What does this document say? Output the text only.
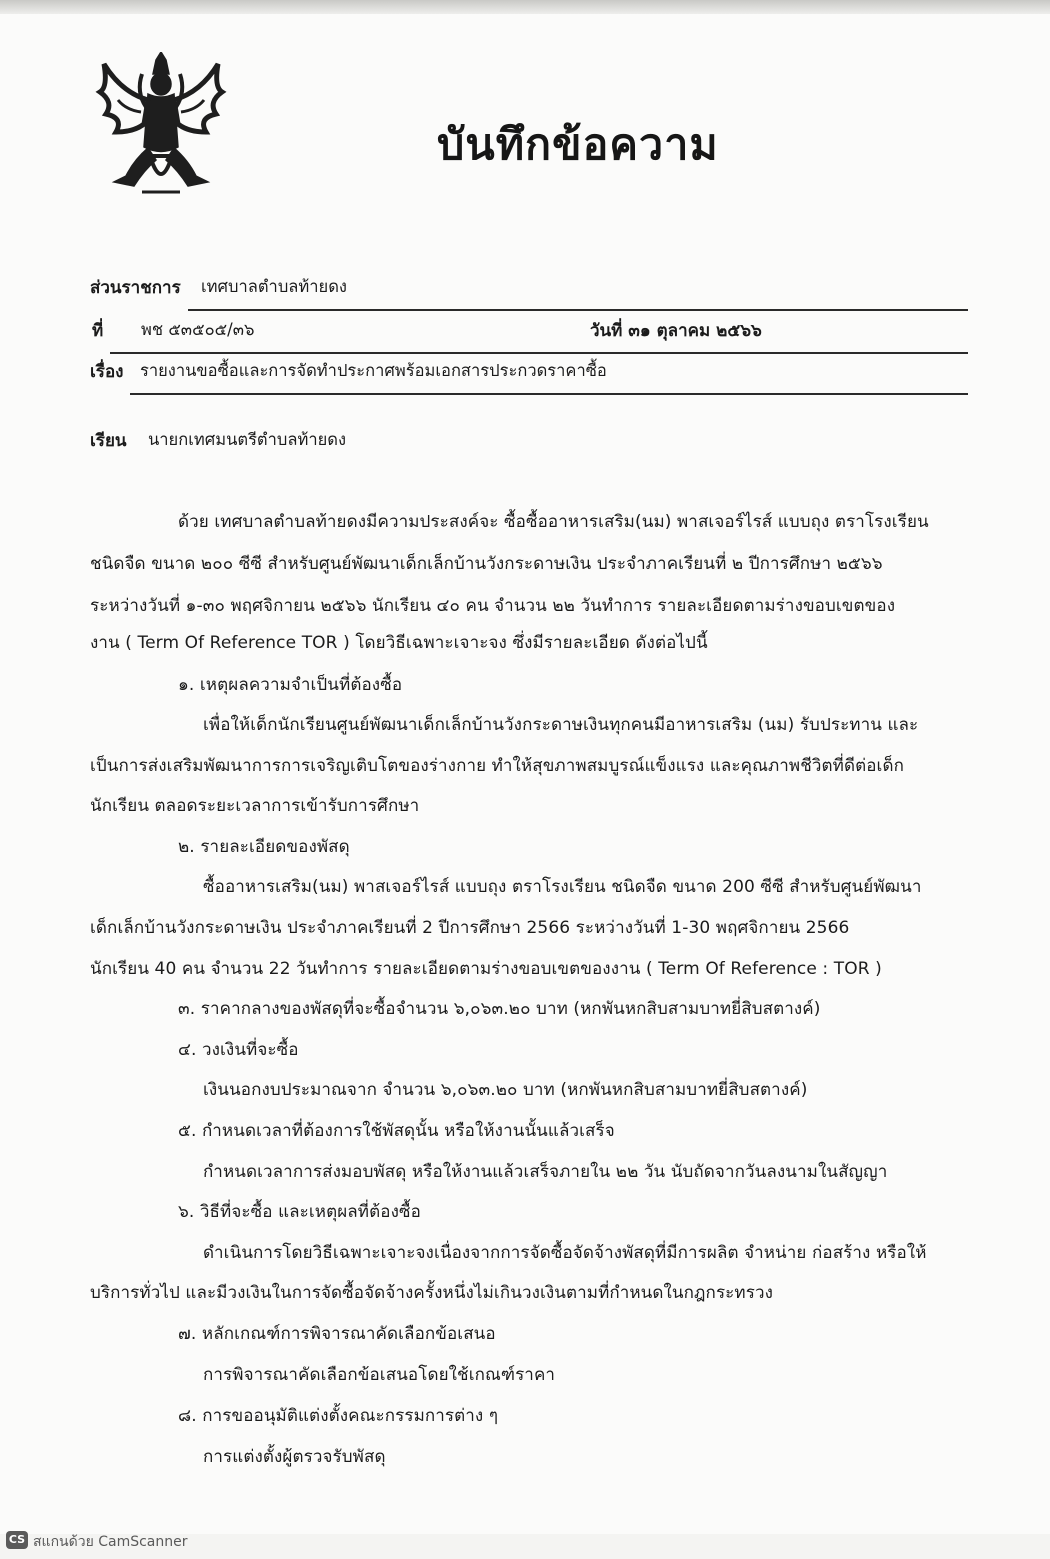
บันทึกข้อความ
ส่วนราชการ เทศบาลตำบลท้ายดง
ที่ พช ๕๓๕๐๕/๓๖	วันที่ ๓๑ ตุลาคม ๒๕๖๖
เรื่อง รายงานขอซื้อและการจัดทำประกาศพร้อมเอกสารประกวดราคาซื้อ
เรียน นายกเทศมนตรีตำบลท้ายดง
ด้วย เทศบาลตำบลท้ายดงมีความประสงค์จะ ซื้อซื้ออาหารเสริม(นม) พาสเจอร์ไรส์ แบบถุง ตราโรงเรียน
ชนิดจืด ขนาด ๒๐๐ ซีซี สำหรับศูนย์พัฒนาเด็กเล็กบ้านวังกระดาษเงิน ประจำภาคเรียนที่ ๒ ปีการศึกษา ๒๕๖๖
ระหว่างวันที่ ๑-๓๐ พฤศจิกายน ๒๕๖๖ นักเรียน ๔๐ คน จำนวน ๒๒ วันทำการ รายละเอียดตามร่างขอบเขตของ
งาน ( Term Of Reference TOR ) โดยวิธีเฉพาะเจาะจง ซึ่งมีรายละเอียด ดังต่อไปนี้
๑. เหตุผลความจำเป็นที่ต้องซื้อ
เพื่อให้เด็กนักเรียนศูนย์พัฒนาเด็กเล็กบ้านวังกระดาษเงินทุกคนมีอาหารเสริม (นม) รับประทาน และ
เป็นการส่งเสริมพัฒนาการการเจริญเติบโตของร่างกาย ทำให้สุขภาพสมบูรณ์แข็งแรง และคุณภาพชีวิตที่ดีต่อเด็ก
นักเรียน ตลอดระยะเวลาการเข้ารับการศึกษา
๒. รายละเอียดของพัสดุ
ซื้ออาหารเสริม(นม) พาสเจอร์ไรส์ แบบถุง ตราโรงเรียน ชนิดจืด ขนาด 200 ซีซี สำหรับศูนย์พัฒนา
เด็กเล็กบ้านวังกระดาษเงิน ประจำภาคเรียนที่ 2 ปีการศึกษา 2566 ระหว่างวันที่ 1-30 พฤศจิกายน 2566
นักเรียน 40 คน จำนวน 22 วันทำการ รายละเอียดตามร่างขอบเขตของงาน ( Term Of Reference : TOR )
๓. ราคากลางของพัสดุที่จะซื้อจำนวน ๖,๐๖๓.๒๐ บาท (หกพันหกสิบสามบาทยี่สิบสตางค์)
๔. วงเงินที่จะซื้อ
เงินนอกงบประมาณจาก จำนวน ๖,๐๖๓.๒๐ บาท (หกพันหกสิบสามบาทยี่สิบสตางค์)
๕. กำหนดเวลาที่ต้องการใช้พัสดุนั้น หรือให้งานนั้นแล้วเสร็จ
กำหนดเวลาการส่งมอบพัสดุ หรือให้งานแล้วเสร็จภายใน ๒๒ วัน นับถัดจากวันลงนามในสัญญา
๖. วิธีที่จะซื้อ และเหตุผลที่ต้องซื้อ
ดำเนินการโดยวิธีเฉพาะเจาะจงเนื่องจากการจัดซื้อจัดจ้างพัสดุที่มีการผลิต จำหน่าย ก่อสร้าง หรือให้
บริการทั่วไป และมีวงเงินในการจัดซื้อจัดจ้างครั้งหนึ่งไม่เกินวงเงินตามที่กำหนดในกฎกระทรวง
๗. หลักเกณฑ์การพิจารณาคัดเลือกข้อเสนอ
การพิจารณาคัดเลือกข้อเสนอโดยใช้เกณฑ์ราคา
๘. การขออนุมัติแต่งตั้งคณะกรรมการต่าง ๆ
การแต่งตั้งผู้ตรวจรับพัสดุ
CS สแกนด้วย CamScanner
